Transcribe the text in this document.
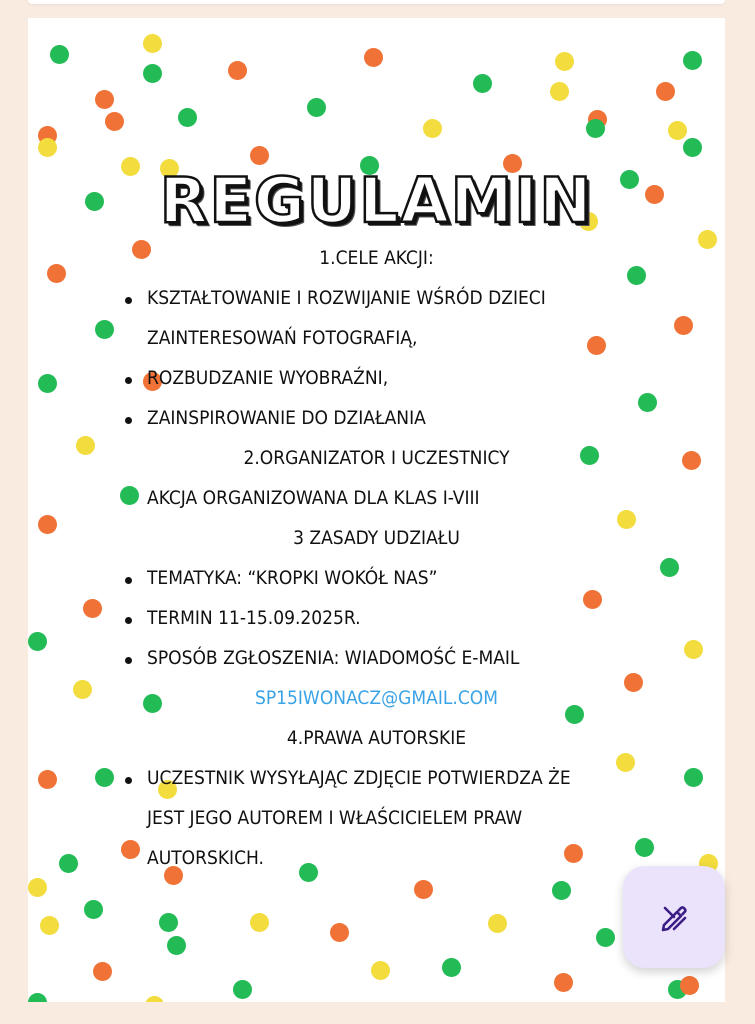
REGULAMIN
1.CELE AKCJI:
KSZTAŁTOWANIE I ROZWIJANIE WŚRÓD DZIECI
ZAINTERESOWAŃ FOTOGRAFIĄ,
ROZBUDZANIE WYOBRAŹNI,
ZAINSPIROWANIE DO DZIAŁANIA
2.ORGANIZATOR I UCZESTNICY
AKCJA ORGANIZOWANA DLA KLAS I-VIII
3 ZASADY UDZIAŁU
TEMATYKA: “KROPKI WOKÓŁ NAS”
TERMIN 11-15.09.2025R.
SPOSÓB ZGŁOSZENIA: WIADOMOŚĆ E-MAIL
SP15IWONACZ@GMAIL.COM
4.PRAWA AUTORSKIE
UCZESTNIK WYSYŁAJĄC ZDJĘCIE POTWIERDZA ŻE
JEST JEGO AUTOREM I WŁAŚCICIELEM PRAW
AUTORSKICH.
